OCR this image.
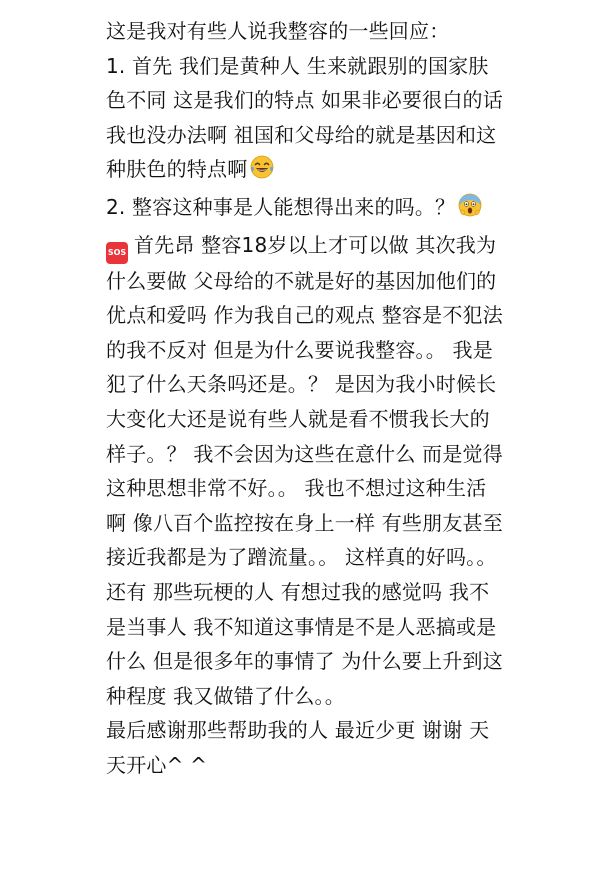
这是我对有些人说我整容的一些回应：

1. 首先 我们是黄种人 生来就跟别的国家肤色不同 这是我们的特点 如果非必要很白的话我也没办法啊 祖国和父母给的就是基因和这种肤色的特点啊

2. 整容这种事是人能想得出来的吗。？

SOS 首先昂 整容18岁以上才可以做 其次我为什么要做 父母给的不就是好的基因加他们的优点和爱吗 作为我自己的观点 整容是不犯法的我不反对 但是为什么要说我整容。。 我是犯了什么天条吗还是。？ 是因为我小时候长大变化大还是说有些人就是看不惯我长大的样子。？ 我不会因为这些在意什么 而是觉得这种思想非常不好。。 我也不想过这种生活啊 像八百个监控按在身上一样 有些朋友甚至接近我都是为了蹭流量。。 这样真的好吗。。

还有 那些玩梗的人 有想过我的感觉吗 我不是当事人 我不知道这事情是不是人恶搞或是什么 但是很多年的事情了 为什么要上升到这种程度 我又做错了什么。。

最后感谢那些帮助我的人 最近少更 谢谢 天天开心^ ^
